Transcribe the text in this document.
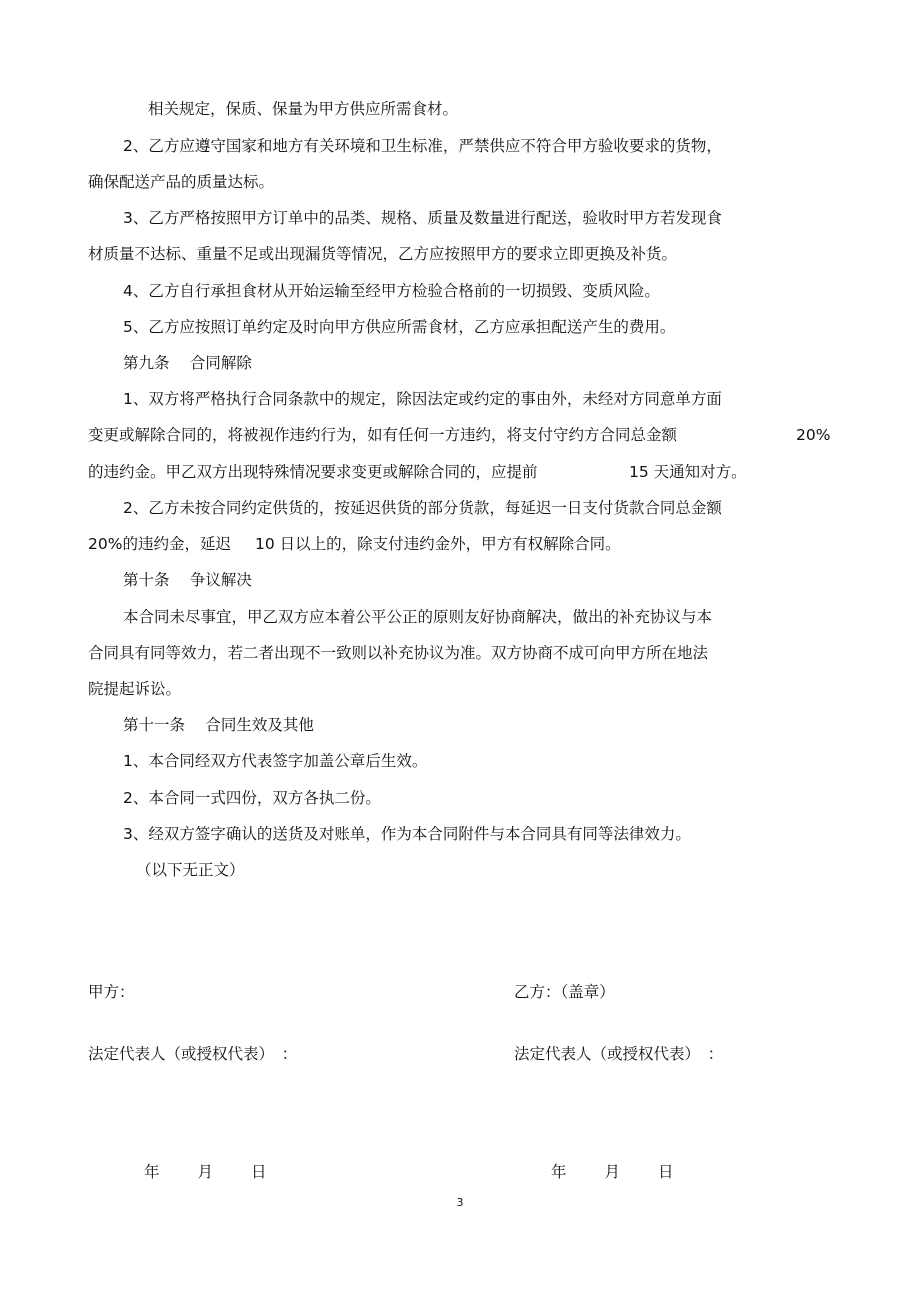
相关规定，保质、保量为甲方供应所需食材。
2、乙方应遵守国家和地方有关环境和卫生标准，严禁供应不符合甲方验收要求的货物，
确保配送产品的质量达标。
3、乙方严格按照甲方订单中的品类、规格、质量及数量进行配送，验收时甲方若发现食
材质量不达标、重量不足或出现漏货等情况，乙方应按照甲方的要求立即更换及补货。
4、乙方自行承担食材从开始运输至经甲方检验合格前的一切损毁、变质风险。
5、乙方应按照订单约定及时向甲方供应所需食材，乙方应承担配送产生的费用。
第九条　 合同解除
1、双方将严格执行合同条款中的规定，除因法定或约定的事由外，未经对方同意单方面
变更或解除合同的，将被视作违约行为，如有任何一方违约，将支付守约方合同总金额	20%
的违约金。甲乙双方出现特殊情况要求变更或解除合同的，应提前	15 天通知对方。
2、乙方未按合同约定供货的，按延迟供货的部分货款，每延迟一日支付货款合同总金额
20%的违约金，延迟 10 日以上的，除支付违约金外，甲方有权解除合同。
第十条　 争议解决
本合同未尽事宜，甲乙双方应本着公平公正的原则友好协商解决，做出的补充协议与本
合同具有同等效力，若二者出现不一致则以补充协议为准。双方协商不成可向甲方所在地法
院提起诉讼。
第十一条　 合同生效及其他
1、本合同经双方代表签字加盖公章后生效。
2、本合同一式四份，双方各执二份。
3、经双方签字确认的送货及对账单，作为本合同附件与本合同具有同等法律效力。
（以下无正文）
甲方：	乙方：（盖章）
法定代表人（或授权代表）　：	法定代表人（或授权代表）　：
年 月 日	年 月 日
3
